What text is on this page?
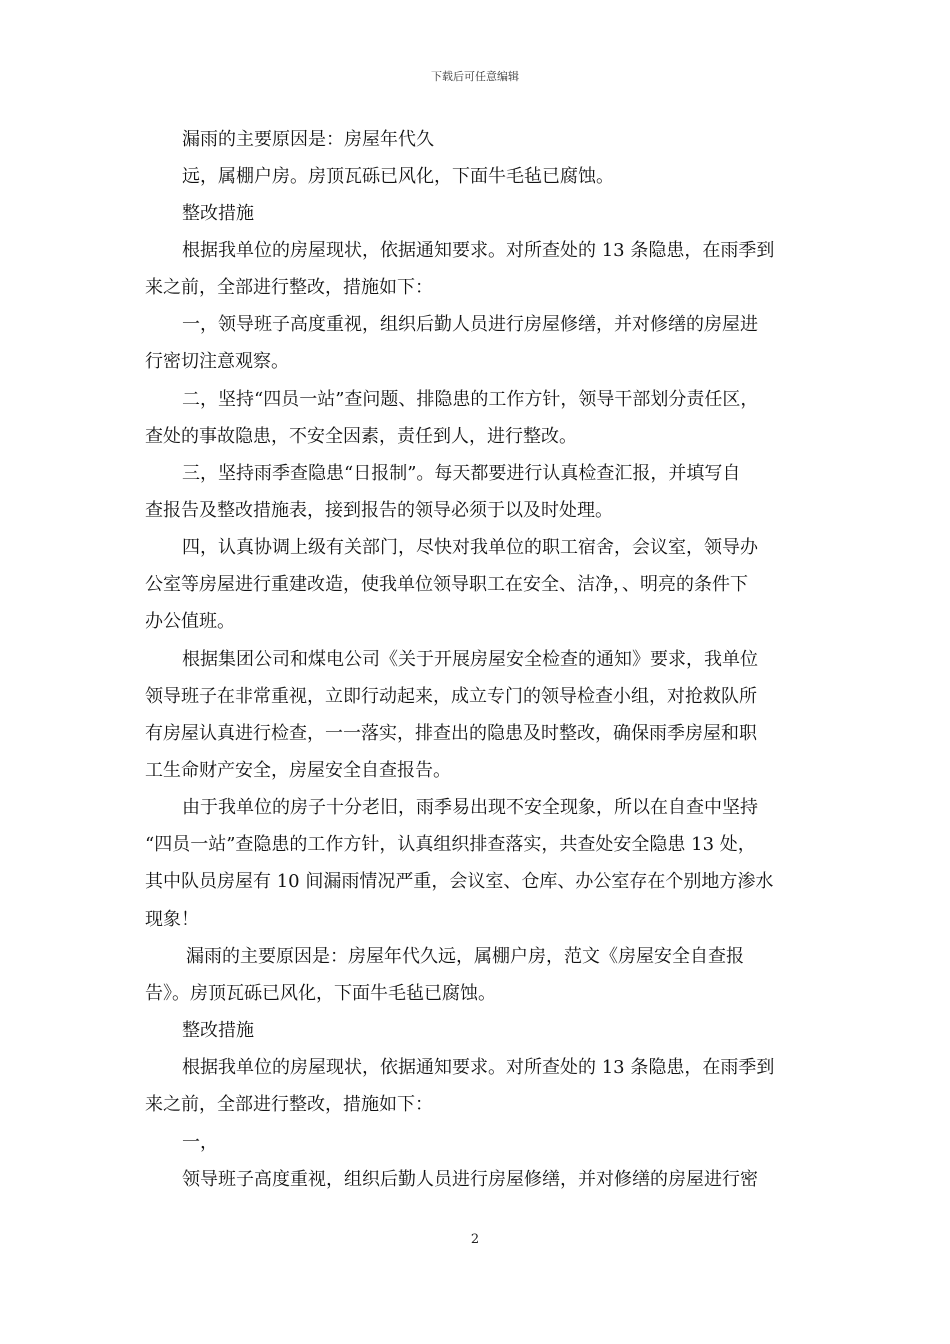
下载后可任意编辑
漏雨的主要原因是：房屋年代久
远，属棚户房。房顶瓦砾已风化，下面牛毛毡已腐蚀。
整改措施
根据我单位的房屋现状，依据通知要求。对所查处的 13 条隐患，在雨季到
来之前，全部进行整改，措施如下：
一，领导班子高度重视，组织后勤人员进行房屋修缮，并对修缮的房屋进
行密切注意观察。
二，坚持“四员一站”查问题、排隐患的工作方针，领导干部划分责任区，
查处的事故隐患，不安全因素，责任到人，进行整改。
三，坚持雨季查隐患“日报制”。每天都要进行认真检查汇报，并填写自
查报告及整改措施表，接到报告的领导必须于以及时处理。
四，认真协调上级有关部门，尽快对我单位的职工宿舍，会议室，领导办
公室等房屋进行重建改造，使我单位领导职工在安全、洁净，、明亮的条件下
办公值班。
根据集团公司和煤电公司《关于开展房屋安全检查的通知》要求，我单位
领导班子在非常重视，立即行动起来，成立专门的领导检查小组，对抢救队所
有房屋认真进行检查，一一落实，排查出的隐患及时整改，确保雨季房屋和职
工生命财产安全，房屋安全自查报告。
由于我单位的房子十分老旧，雨季易出现不安全现象，所以在自查中坚持
“四员一站”查隐患的工作方针，认真组织排查落实，共查处安全隐患 13 处，
其中队员房屋有 10 间漏雨情况严重，会议室、仓库、办公室存在个别地方渗水
现象！
漏雨的主要原因是：房屋年代久远，属棚户房，范文《房屋安全自查报
告》。房顶瓦砾已风化，下面牛毛毡已腐蚀。
整改措施
根据我单位的房屋现状，依据通知要求。对所查处的 13 条隐患，在雨季到
来之前，全部进行整改，措施如下：
一，
领导班子高度重视，组织后勤人员进行房屋修缮，并对修缮的房屋进行密
2
